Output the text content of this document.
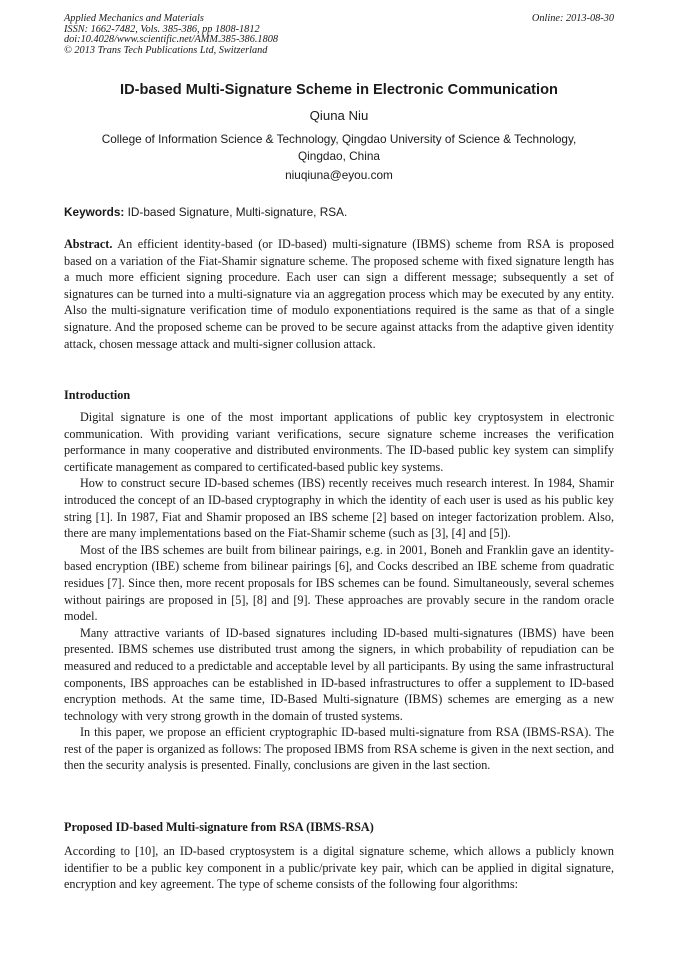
Applied Mechanics and Materials
ISSN: 1662-7482, Vols. 385-386, pp 1808-1812
doi:10.4028/www.scientific.net/AMM.385-386.1808
© 2013 Trans Tech Publications Ltd, Switzerland
Online: 2013-08-30
ID-based Multi-Signature Scheme in Electronic Communication
Qiuna Niu
College of Information Science & Technology, Qingdao University of Science & Technology,
Qingdao, China
niuqiuna@eyou.com
Keywords: ID-based Signature, Multi-signature, RSA.
Abstract. An efficient identity-based (or ID-based) multi-signature (IBMS) scheme from RSA is proposed based on a variation of the Fiat-Shamir signature scheme. The proposed scheme with fixed signature length has a much more efficient signing procedure. Each user can sign a different message; subsequently a set of signatures can be turned into a multi-signature via an aggregation process which may be executed by any entity. Also the multi-signature verification time of modulo exponentiations required is the same as that of a single signature. And the proposed scheme can be proved to be secure against attacks from the adaptive given identity attack, chosen message attack and multi-signer collusion attack.
Introduction

Digital signature is one of the most important applications of public key cryptosystem in electronic communication. With providing variant verifications, secure signature scheme increases the verification performance in many cooperative and distributed environments. The ID-based public key system can simplify certificate management as compared to certificated-based public key systems.

How to construct secure ID-based schemes (IBS) recently receives much research interest. In 1984, Shamir introduced the concept of an ID-based cryptography in which the identity of each user is used as his public key string [1]. In 1987, Fiat and Shamir proposed an IBS scheme [2] based on integer factorization problem. Also, there are many implementations based on the Fiat-Shamir scheme (such as [3], [4] and [5]).

Most of the IBS schemes are built from bilinear pairings, e.g. in 2001, Boneh and Franklin gave an identity-based encryption (IBE) scheme from bilinear pairings [6], and Cocks described an IBE scheme from quadratic residues [7]. Since then, more recent proposals for IBS schemes can be found. Simultaneously, several schemes without pairings are proposed in [5], [8] and [9]. These approaches are provably secure in the random oracle model.

Many attractive variants of ID-based signatures including ID-based multi-signatures (IBMS) have been presented. IBMS schemes use distributed trust among the signers, in which probability of repudiation can be measured and reduced to a predictable and acceptable level by all participants. By using the same infrastructural components, IBS approaches can be established in ID-based infrastructures to offer a supplement to ID-based encryption methods. At the same time, ID-Based Multi-signature (IBMS) schemes are emerging as a new technology with very strong growth in the domain of trusted systems.

In this paper, we propose an efficient cryptographic ID-based multi-signature from RSA (IBMS-RSA). The rest of the paper is organized as follows: The proposed IBMS from RSA scheme is given in the next section, and then the security analysis is presented. Finally, conclusions are given in the last section.

Proposed ID-based Multi-signature from RSA (IBMS-RSA)

According to [10], an ID-based cryptosystem is a digital signature scheme, which allows a publicly known identifier to be a public key component in a public/private key pair, which can be applied in digital signature, encryption and key agreement. The type of scheme consists of the following four algorithms:
